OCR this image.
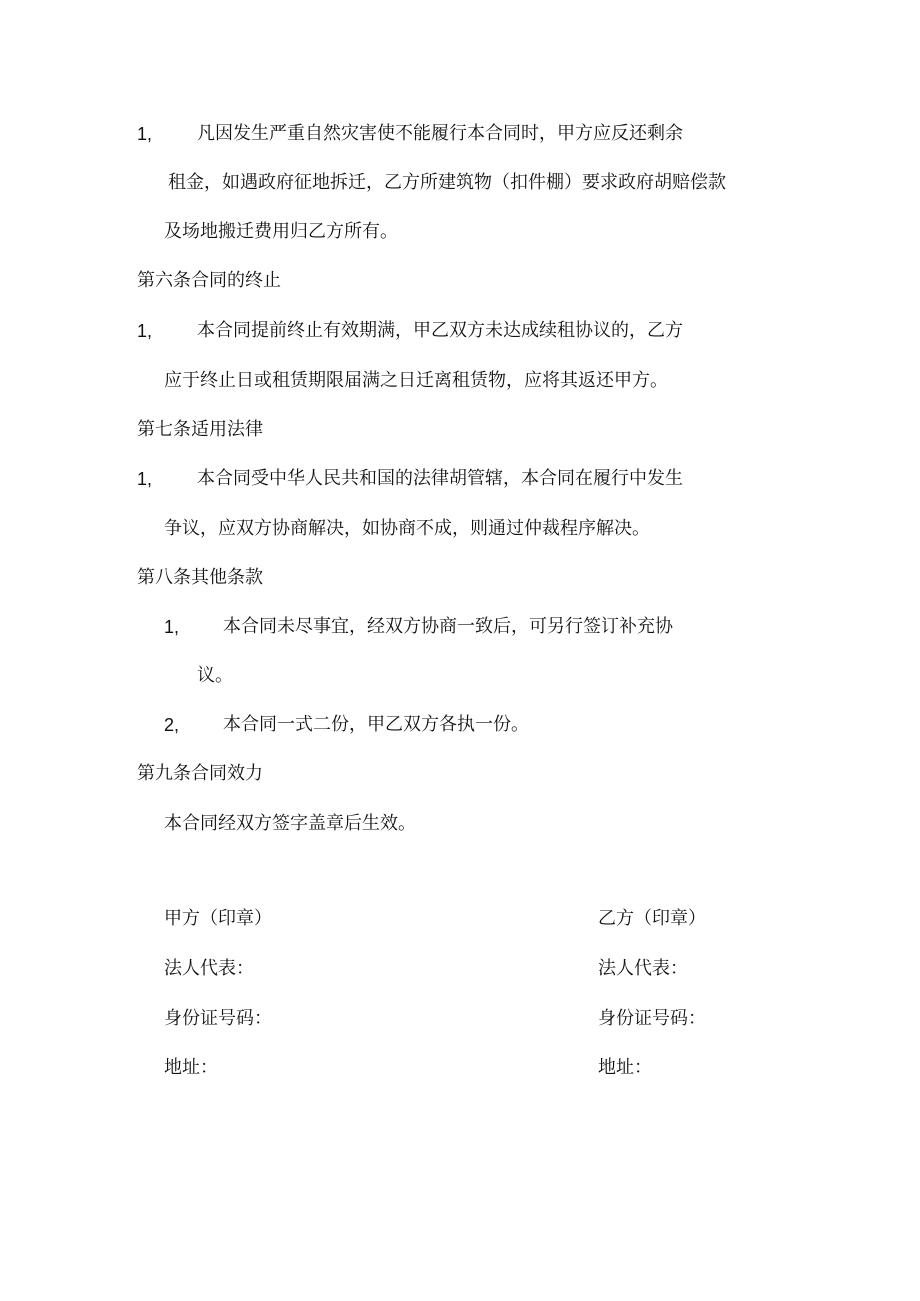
1, 凡因发生严重自然灾害使不能履行本合同时，甲方应反还剩余
租金，如遇政府征地拆迁，乙方所建筑物（扣件棚）要求政府胡赔偿款
及场地搬迁费用归乙方所有。
第六条合同的终止
1, 本合同提前终止有效期满，甲乙双方未达成续租协议的，乙方
应于终止日或租赁期限届满之日迁离租赁物，应将其返还甲方。
第七条适用法律
1, 本合同受中华人民共和国的法律胡管辖，本合同在履行中发生
争议，应双方协商解决，如协商不成，则通过仲裁程序解决。
第八条其他条款
1, 本合同未尽事宜，经双方协商一致后，可另行签订补充协
议。
2, 本合同一式二份，甲乙双方各执一份。
第九条合同效力
本合同经双方签字盖章后生效。
甲方（印章）
法人代表：
身份证号码：
地址：
乙方（印章）
法人代表：
身份证号码：
地址：
